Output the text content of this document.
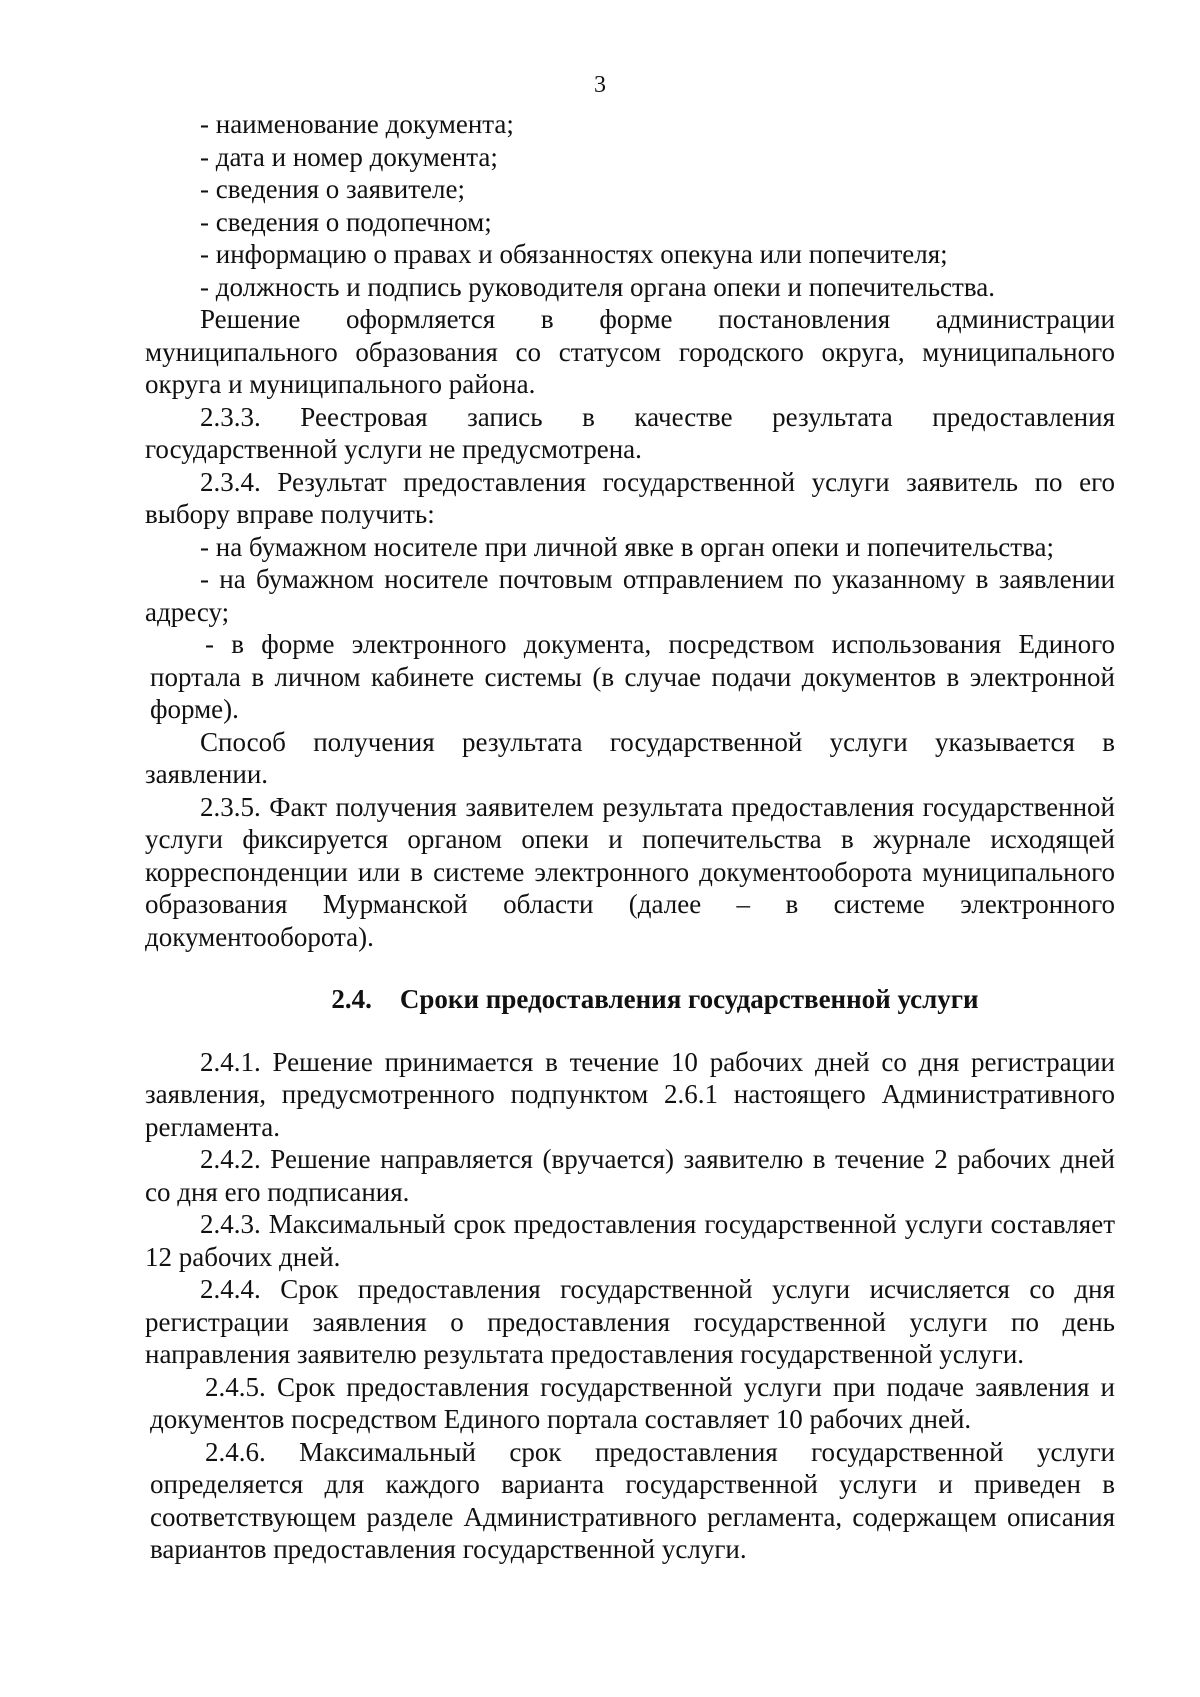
3

- наименование документа;

- дата и номер документа;

- сведения о заявителе;

- сведения о подопечном;

- информацию о правах и обязанностях опекуна или попечителя;

- должность и подпись руководителя органа опеки и попечительства.

Решение оформляется в форме постановления администрации муниципального образования со статусом городского округа, муниципального округа и муниципального района.

2.3.3. Реестровая запись в качестве результата предоставления государственной услуги не предусмотрена.

2.3.4. Результат предоставления государственной услуги заявитель по его выбору вправе получить:

- на бумажном носителе при личной явке в орган опеки и попечительства;

- на бумажном носителе почтовым отправлением по указанному в заявлении адресу;

- в форме электронного документа, посредством использования Единого портала в личном кабинете системы (в случае подачи документов в электронной форме).

Способ получения результата государственной услуги указывается в заявлении.

2.3.5. Факт получения заявителем результата предоставления государственной услуги фиксируется органом опеки и попечительства в журнале исходящей корреспонденции или в системе электронного документооборота муниципального образования Мурманской области (далее – в системе электронного документооборота).

2.4. Сроки предоставления государственной услуги

2.4.1. Решение принимается в течение 10 рабочих дней со дня регистрации заявления, предусмотренного подпунктом 2.6.1 настоящего Административного регламента.

2.4.2. Решение направляется (вручается) заявителю в течение 2 рабочих дней со дня его подписания.

2.4.3. Максимальный срок предоставления государственной услуги составляет 12 рабочих дней.

2.4.4. Срок предоставления государственной услуги исчисляется со дня регистрации заявления о предоставления государственной услуги по день направления заявителю результата предоставления государственной услуги.

2.4.5. Срок предоставления государственной услуги при подаче заявления и документов посредством Единого портала составляет 10 рабочих дней.

2.4.6. Максимальный срок предоставления государственной услуги определяется для каждого варианта государственной услуги и приведен в соответствующем разделе Административного регламента, содержащем описания вариантов предоставления государственной услуги.
